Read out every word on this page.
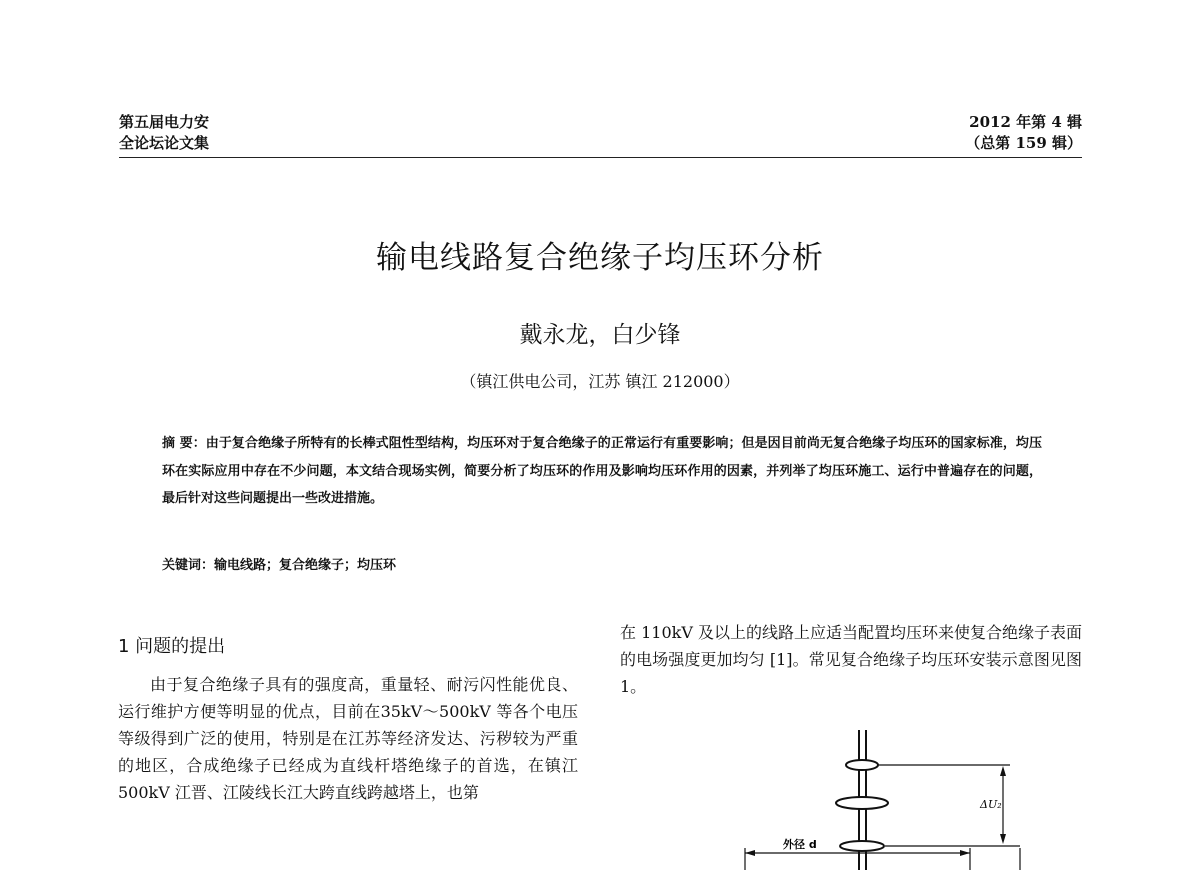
第五届电力安
全论坛论文集
2012 年第 4 辑
（总第 159 辑）
输电线路复合绝缘子均压环分析
戴永龙，白少锋
（镇江供电公司，江苏 镇江 212000）
摘 要：由于复合绝缘子所特有的长棒式阻性型结构，均压环对于复合绝缘子的正常运行有重要影响；但是因目前尚无复合绝缘子均压环的国家标准，均压环在实际应用中存在不少问题，本文结合现场实例，简要分析了均压环的作用及影响均压环作用的因素，并列举了均压环施工、运行中普遍存在的问题，最后针对这些问题提出一些改进措施。
关键词：输电线路；复合绝缘子；均压环
1 问题的提出

由于复合绝缘子具有的强度高，重量轻、耐污闪性能优良、运行维护方便等明显的优点，目前在35kV～500kV 等各个电压等级得到广泛的使用，特别是在江苏等经济发达、污秽较为严重的地区，合成绝缘子已经成为直线杆塔绝缘子的首选，在镇江500kV 江晋、江陵线长江大跨直线跨越塔上，也第

在 110kV 及以上的线路上应适当配置均压环来使复合绝缘子表面的电场强度更加均匀 [1]。常见复合绝缘子均压环安装示意图见图 1。

ΔU₂
外径 d
